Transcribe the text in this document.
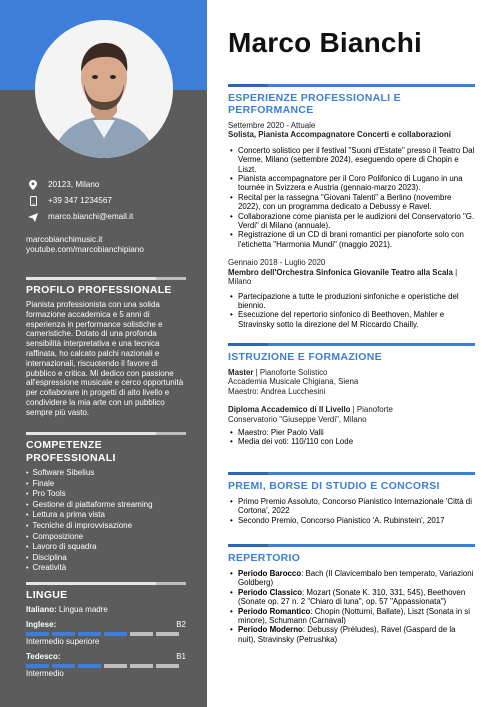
20123, Milano
+39 347 1234567
marco.bianchi@email.it
marcobianchimusic.it
youtube.com/marcobianchipiano
PROFILO PROFESSIONALE
Pianista professionista con una solida formazione accademica e 5 anni di esperienza in performance solistiche e cameristiche. Dotato di una profonda sensibilità interpretativa e una tecnica raffinata, ho calcato palchi nazionali e internazionali, riscuotendo il favore di pubblico e critica. Mi dedico con passione all'espressione musicale e cerco opportunità per collaborare in progetti di alto livello e condividere la mia arte con un pubblico sempre più vasto.
COMPETENZE PROFESSIONALI
• Software Sibelius
• Finale
• Pro Tools
• Gestione di piattaforme streaming
• Lettura a prima vista
• Tecniche di improvvisazione
• Composizione
• Lavoro di squadra
• Disciplina
• Creatività
LINGUE
Italiano: Lingua madre
Inglese:	B2
Intermedio superiore
Tedesco:	B1
Intermedio
Marco Bianchi
ESPERIENZE PROFESSIONALI E PERFORMANCE
Settembre 2020 - Attuale
Solista, Pianista Accompagnatore Concerti e collaborazioni
• Concerto solistico per il festival "Suoni d'Estate" presso il Teatro Dal Verme, Milano (settembre 2024), eseguendo opere di Chopin e Liszt.
• Pianista accompagnatore per il Coro Polifonico di Lugano in una tournée in Svizzera e Austria (gennaio-marzo 2023).
• Recital per la rassegna "Giovani Talenti" a Berlino (novembre 2022), con un programma dedicato a Debussy e Ravel.
• Collaborazione come pianista per le audizioni del Conservatorio "G. Verdi" di Milano (annuale).
• Registrazione di un CD di brani romantici per pianoforte solo con l'etichetta "Harmonia Mundi" (maggio 2021).
Gennaio 2018 - Luglio 2020
Membro dell'Orchestra Sinfonica Giovanile Teatro alla Scala | Milano
• Partecipazione a tutte le produzioni sinfoniche e operistiche del biennio.
• Esecuzione del repertorio sinfonico di Beethoven, Mahler e Stravinsky sotto la direzione del M Riccardo Chailly.
ISTRUZIONE E FORMAZIONE
Master | Pianoforte Solistico
Accademia Musicale Chigiana, Siena
Maestro: Andrea Lucchesini
Diploma Accademico di II Livello | Pianoforte
Conservatorio "Giuseppe Verdi", Milano
• Maestro: Pier Paolo Valli
• Media dei voti: 110/110 con Lode
PREMI, BORSE DI STUDIO E CONCORSI
• Primo Premio Assoluto, Concorso Pianistico Internazionale 'Città di Cortona', 2022
• Secondo Premio, Concorso Pianistico 'A. Rubinstein', 2017
REPERTORIO
• Periodo Barocco: Bach (Il Clavicembalo ben temperato, Variazioni Goldberg)
• Periodo Classico: Mozart (Sonate K. 310, 331, 545), Beethoven (Sonate op. 27 n. 2 "Chiaro di luna", op. 57 "Appassionata")
• Periodo Romantico: Chopin (Notturni, Ballate), Liszt (Sonata in si minore), Schumann (Carnaval)
• Periodo Moderno: Debussy (Préludes), Ravel (Gaspard de la nuit), Stravinsky (Petrushka)
